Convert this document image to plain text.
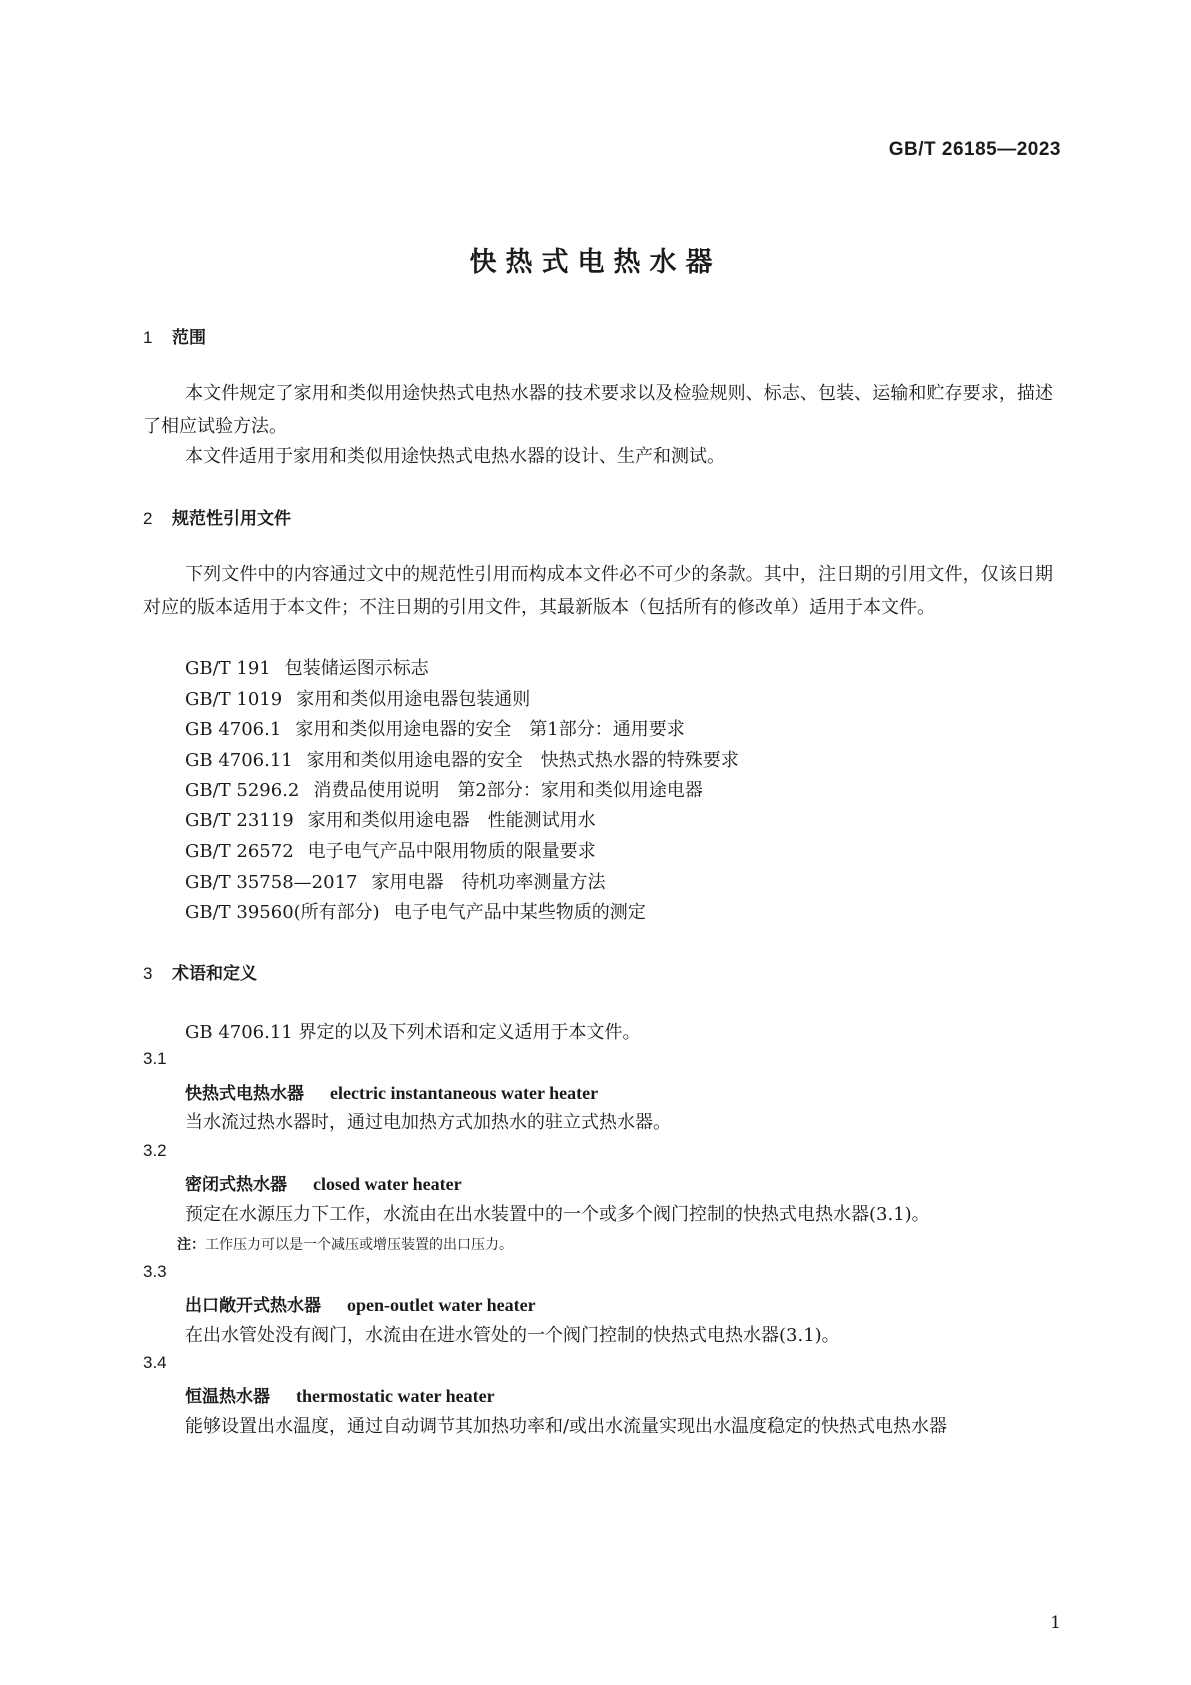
GB/T 26185—2023
快热式电热水器
1 范围
本文件规定了家用和类似用途快热式电热水器的技术要求以及检验规则、标志、包装、运输和贮存要求，描述了相应试验方法。
本文件适用于家用和类似用途快热式电热水器的设计、生产和测试。
2 规范性引用文件
下列文件中的内容通过文中的规范性引用而构成本文件必不可少的条款。其中，注日期的引用文件，仅该日期对应的版本适用于本文件；不注日期的引用文件，其最新版本（包括所有的修改单）适用于本文件。
GB/T 191 包装储运图示标志
GB/T 1019 家用和类似用途电器包装通则
GB 4706.1 家用和类似用途电器的安全　第1部分：通用要求
GB 4706.11 家用和类似用途电器的安全　快热式热水器的特殊要求
GB/T 5296.2 消费品使用说明　第2部分：家用和类似用途电器
GB/T 23119 家用和类似用途电器　性能测试用水
GB/T 26572 电子电气产品中限用物质的限量要求
GB/T 35758—2017 家用电器　待机功率测量方法
GB/T 39560(所有部分) 电子电气产品中某些物质的测定
3 术语和定义
GB 4706.11 界定的以及下列术语和定义适用于本文件。
3.1
快热式电热水器 electric instantaneous water heater
当水流过热水器时，通过电加热方式加热水的驻立式热水器。
3.2
密闭式热水器 closed water heater
预定在水源压力下工作，水流由在出水装置中的一个或多个阀门控制的快热式电热水器(3.1)。
注：工作压力可以是一个减压或增压装置的出口压力。
3.3
出口敞开式热水器 open-outlet water heater
在出水管处没有阀门，水流由在进水管处的一个阀门控制的快热式电热水器(3.1)。
3.4
恒温热水器 thermostatic water heater
能够设置出水温度，通过自动调节其加热功率和/或出水流量实现出水温度稳定的快热式电热水器
1
